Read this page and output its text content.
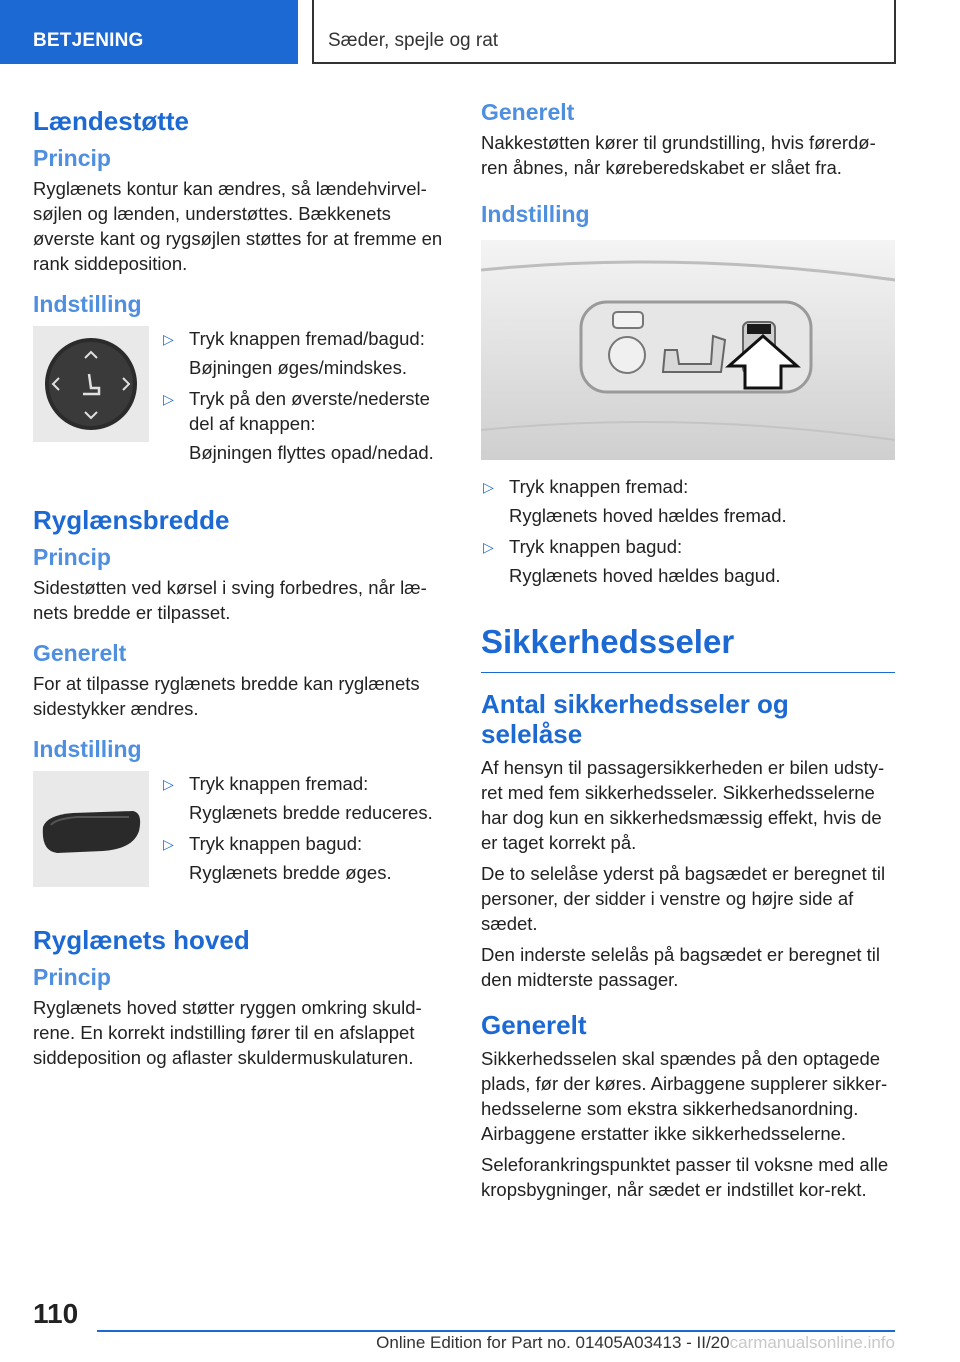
BETJENING	Sæder, spejle og rat
Lændestøtte
Princip

Ryglænets kontur kan ændres, så lændehvirvel-søjlen og lænden, understøttes. Bækkenets øverste kant og rygsøjlen støttes for at fremme en rank siddeposition.

Indstilling
▷ Tryk knappen fremad/bagud:
Bøjningen øges/mindskes.
▷ Tryk på den øverste/nederste del af knappen:
Bøjningen flyttes opad/nedad.
Ryglænsbredde
Princip

Sidestøtten ved kørsel i sving forbedres, når læ-nets bredde er tilpasset.

Generelt

For at tilpasse ryglænets bredde kan ryglænets sidestykker ændres.

Indstilling
▷ Tryk knappen fremad:
Ryglænets bredde reduceres.
▷ Tryk knappen bagud:
Ryglænets bredde øges.
Ryglænets hoved
Princip

Ryglænets hoved støtter ryggen omkring skuld-rene. En korrekt indstilling fører til en afslappet siddeposition og aflaster skuldermuskulaturen.

Generelt

Nakkestøtten kører til grundstilling, hvis førerdø-ren åbnes, når køreberedskabet er slået fra.

Indstilling
▷ Tryk knappen fremad:
Ryglænets hoved hældes fremad.
▷ Tryk knappen bagud:
Ryglænets hoved hældes bagud.
Sikkerhedsseler
Antal sikkerhedsseler og selelåse

Af hensyn til passagersikkerheden er bilen udsty-ret med fem sikkerhedsseler. Sikkerhedsselerne har dog kun en sikkerhedsmæssig effekt, hvis de er taget korrekt på.

De to selelåse yderst på bagsædet er beregnet til personer, der sidder i venstre og højre side af sædet.

Den inderste selelås på bagsædet er beregnet til den midterste passager.

Generelt

Sikkerhedsselen skal spændes på den optagede plads, før der køres. Airbaggene supplerer sikker-hedsselerne som ekstra sikkerhedsanordning. Airbaggene erstatter ikke sikkerhedsselerne.

Seleforankringspunktet passer til voksne med alle kropsbygninger, når sædet er indstillet kor-rekt.

110
Online Edition for Part no. 01405A03413 - II/20carmanualsonline.info
